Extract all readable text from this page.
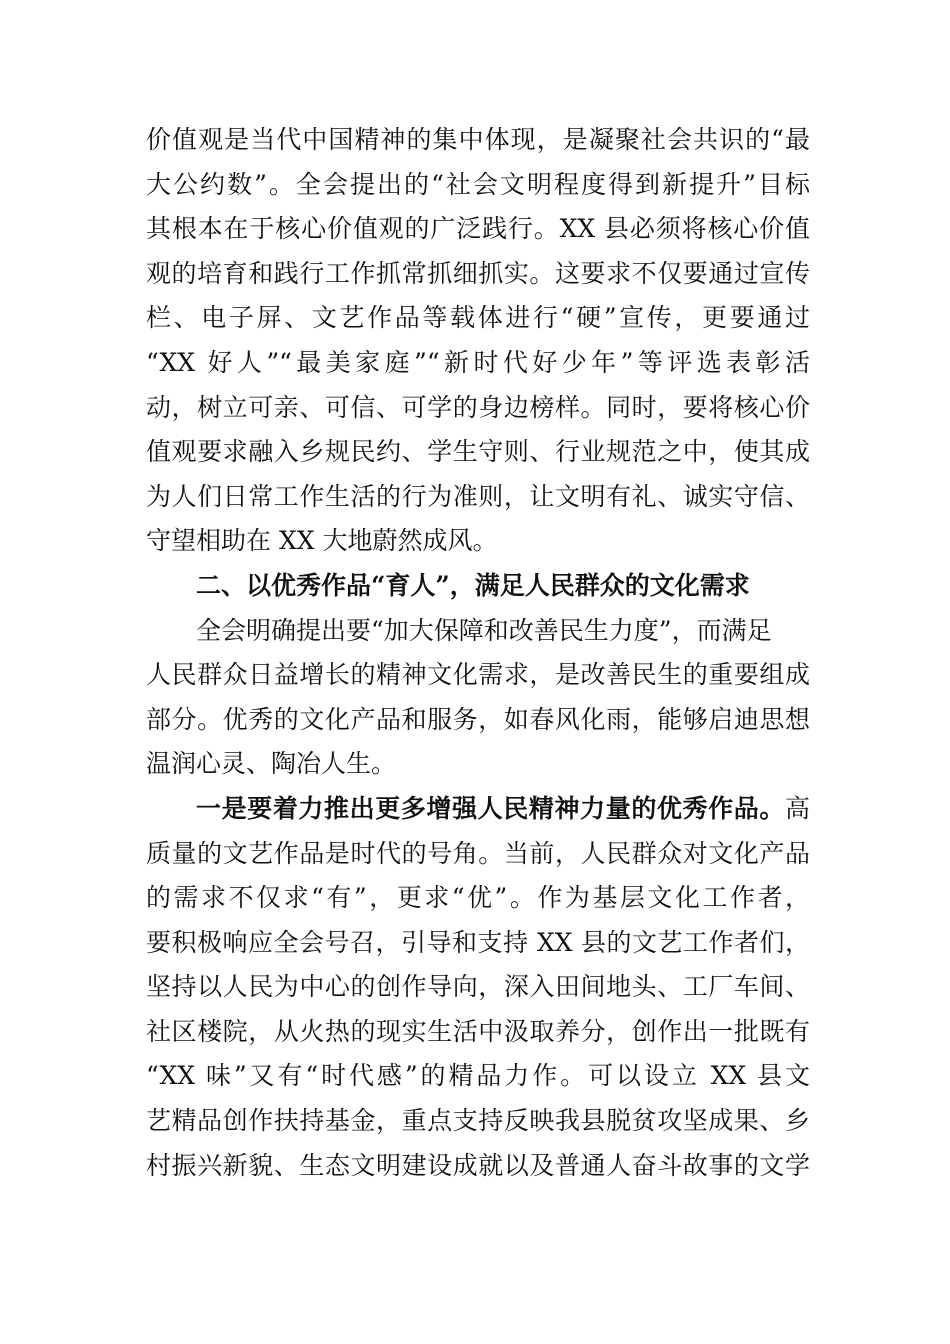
价值观是当代中国精神的集中体现，是凝聚社会共识的“最
大公约数”。全会提出的“社会文明程度得到新提升”目标
其根本在于核心价值观的广泛践行。XX 县必须将核心价值
观的培育和践行工作抓常抓细抓实。这要求不仅要通过宣传
栏、电子屏、文艺作品等载体进行“硬”宣传，更要通过
“XX 好人”“最美家庭”“新时代好少年”等评选表彰活
动，树立可亲、可信、可学的身边榜样。同时，要将核心价
值观要求融入乡规民约、学生守则、行业规范之中，使其成
为人们日常工作生活的行为准则，让文明有礼、诚实守信、
守望相助在 XX 大地蔚然成风。
二、以优秀作品“育人”，满足人民群众的文化需求
全会明确提出要“加大保障和改善民生力度”，而满足
人民群众日益增长的精神文化需求，是改善民生的重要组成
部分。优秀的文化产品和服务，如春风化雨，能够启迪思想
温润心灵、陶冶人生。
一是要着力推出更多增强人民精神力量的优秀作品。高
质量的文艺作品是时代的号角。当前，人民群众对文化产品
的需求不仅求“有”，更求“优”。作为基层文化工作者，
要积极响应全会号召，引导和支持 XX 县的文艺工作者们，
坚持以人民为中心的创作导向，深入田间地头、工厂车间、
社区楼院，从火热的现实生活中汲取养分，创作出一批既有
“XX 味”又有“时代感”的精品力作。可以设立 XX 县文
艺精品创作扶持基金，重点支持反映我县脱贫攻坚成果、乡
村振兴新貌、生态文明建设成就以及普通人奋斗故事的文学
